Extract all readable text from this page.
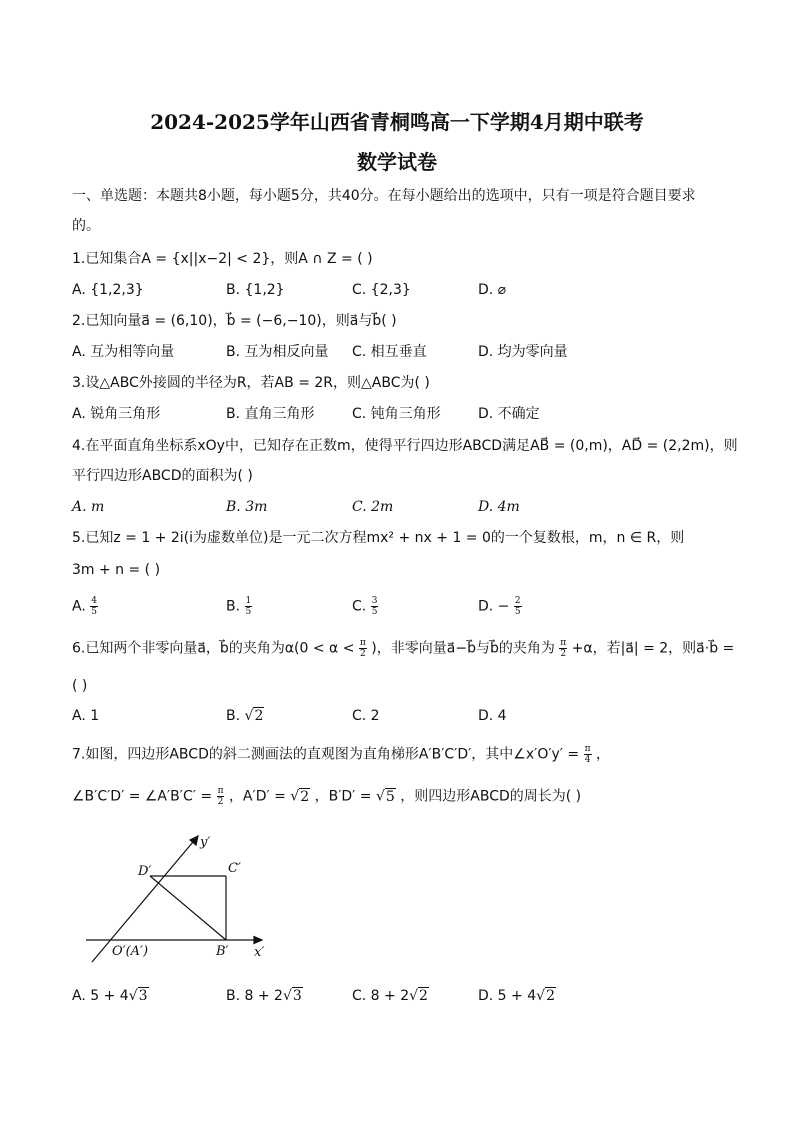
2024-2025学年山西省青桐鸣高一下学期4月期中联考
数学试卷
一、单选题：本题共8小题，每小题5分，共40分。在每小题给出的选项中，只有一项是符合题目要求
的。
1.已知集合A = {x||x−2| < 2}，则A ∩ Z = ( )
A. {1,2,3}	B. {1,2}	C. {2,3}	D. ⌀
2.已知向量a⃗ = (6,10)，b⃗ = (−6,−10)，则a⃗与b⃗( )
A. 互为相等向量	B. 互为相反向量 C. 相互垂直	D. 均为零向量
3.设△ABC外接圆的半径为R，若AB = 2R，则△ABC为( )
A. 锐角三角形	B. 直角三角形	C. 钝角三角形	D. 不确定
4.在平面直角坐标系xOy中，已知存在正数m，使得平行四边形ABCD满足AB⃗ = (0,m)，AD⃗ = (2,2m)，则
平行四边形ABCD的面积为( )
A. m	B. 3m	C. 2m	D. 4m
5.已知z = 1 + 2i(i为虚数单位)是一元二次方程mx² + nx + 1 = 0的一个复数根，m，n ∈ R，则
3m + n = ( )
A. $\frac{4}{5}$	B. $\frac{1}{5}$	C. $\frac{3}{5}$	D. − $\frac{2}{5}$
6.已知两个非零向量a⃗，b⃗的夹角为$\alpha(0 < \alpha < \frac{\pi}{2}$ )，非零向量a⃗−b⃗与b⃗的夹角为 $\frac{\pi}{2} +\alpha$，若|a⃗| = 2，则a⃗·b⃗ =
( )
A. 1	B. √2	C. 2	D. 4
7.如图，四边形ABCD的斜二测画法的直观图为直角梯形A′B′C′D′，其中∠x′O′y′ = $\frac{\pi}{4}$ ，
∠B′C′D′ = ∠A′B′C′ = $\frac{\pi}{2}$ ，A′D′ = √2 ，B′D′ = √5 ，则四边形ABCD的周长为( )
y′
x′
D′	C′
B′
O′(A′)
A. 5 + 4√3	B. 8 + 2√3	C. 8 + 2√2	D. 5 + 4√2
